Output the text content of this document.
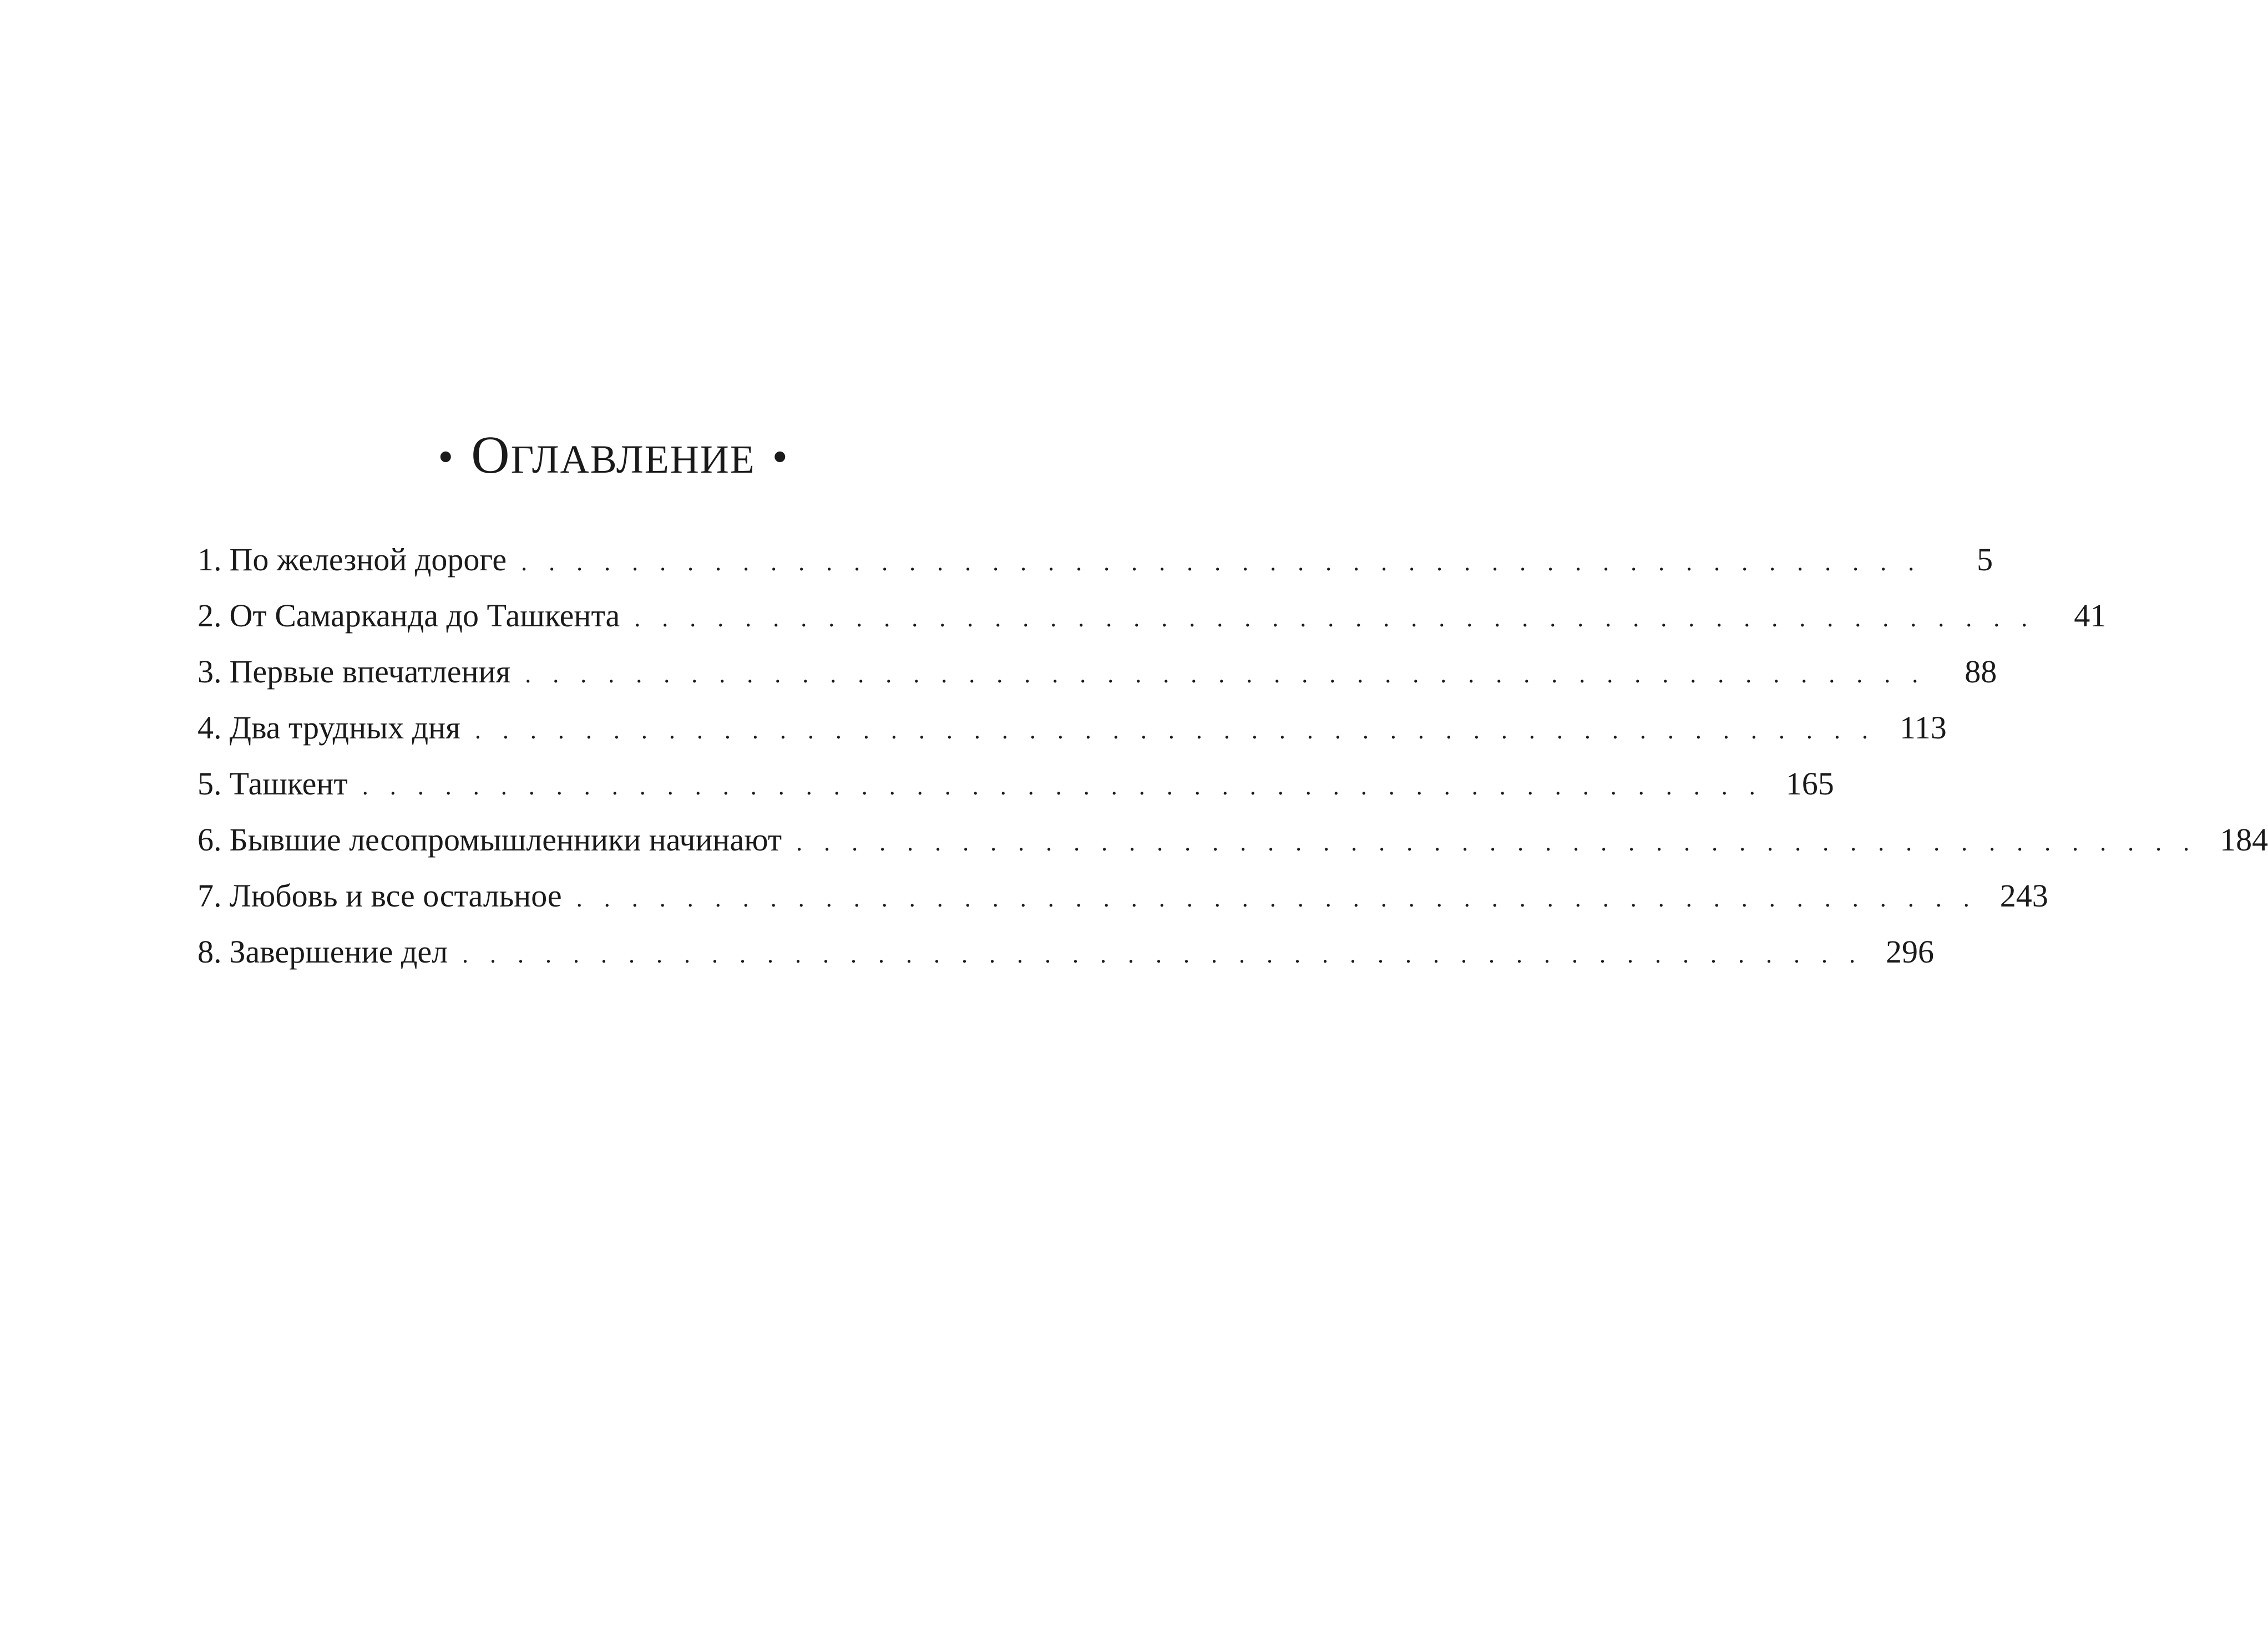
• ОГЛАВЛЕНИЕ •
1. По железной дороге . . . . . . . . . . . . . . . . . . . . . . . . . . . . . . . . . . . . . . . . . . . . . . . . . . .	5
2. От Самарканда до Ташкента . . . . . . . . . . . . . . . . . . . . . . . . . . . . . . . . . . . . . . . . . . . . . . . . . . .	41
3. Первые впечатления . . . . . . . . . . . . . . . . . . . . . . . . . . . . . . . . . . . . . . . . . . . . . . . . . . .	88
4. Два трудных дня . . . . . . . . . . . . . . . . . . . . . . . . . . . . . . . . . . . . . . . . . . . . . . . . . . . 113
5. Ташкент . . . . . . . . . . . . . . . . . . . . . . . . . . . . . . . . . . . . . . . . . . . . . . . . . . . 165
6. Бывшие лесопромышленники начинают . . . . . . . . . . . . . . . . . . . . . . . . . . . . . . . . . . . . . . . . . . . . . . . . . . . 184
7. Любовь и все остальное . . . . . . . . . . . . . . . . . . . . . . . . . . . . . . . . . . . . . . . . . . . . . . . . . . . 243
8. Завершение дел . . . . . . . . . . . . . . . . . . . . . . . . . . . . . . . . . . . . . . . . . . . . . . . . . . . 296
